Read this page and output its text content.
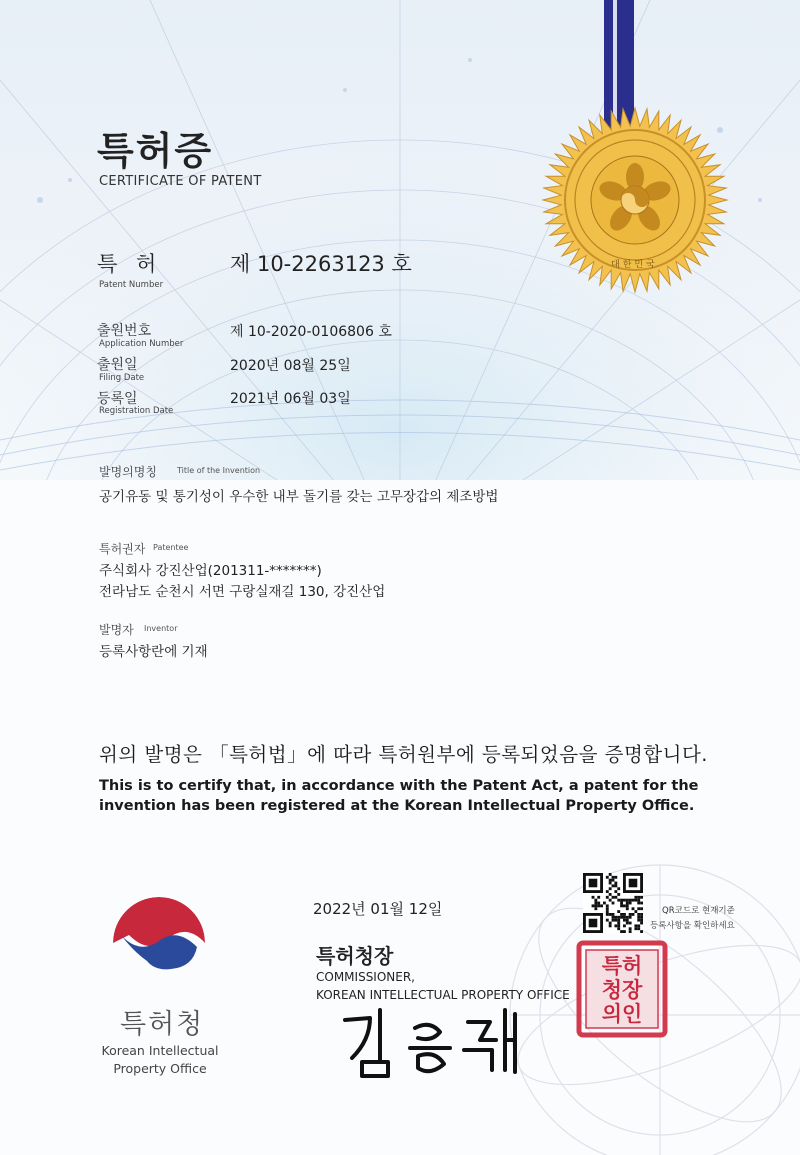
대한민국
특허증
CERTIFICATE OF PATENT
특 허
Patent Number
제 10-2263123 호
출원번호
Application Number
제 10-2020-0106806 호
출원일
Filing Date
2020년 08월 25일
등록일
Registration Date
2021년 06월 03일
발명의명칭	Title of the Invention
공기유동 및 통기성이 우수한 내부 돌기를 갖는 고무장갑의 제조방법
특허권자 Patentee
주식회사 강진산업(201311-*******)
전라남도 순천시 서면 구랑실재길 130, 강진산업
발명자 Inventor
등록사항란에 기재
위의 발명은 「특허법」에 따라 특허원부에 등록되었음을 증명합니다.
This is to certify that, in accordance with the Patent Act, a patent for the invention has been registered at the Korean Intellectual Property Office.
2022년 01월 12일	QR코드로 현재기준
등록사항을 확인하세요
특허청장
COMMISSIONER,
KOREAN INTELLECTUAL PROPERTY OFFICE
특허
청장
의인
특허청
Korean Intellectual Property Office
